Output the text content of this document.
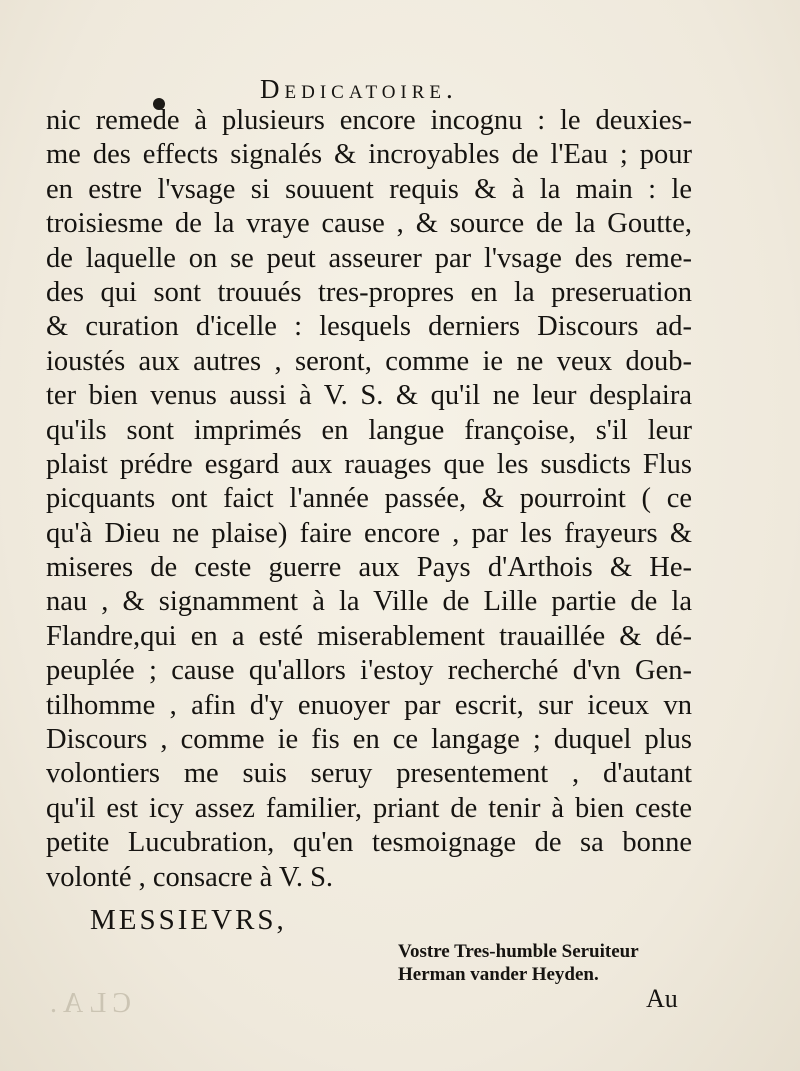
Dedicatoire.
nic remede à plusieurs encore incognu : le deuxies-
me des effects signalés & incroyables de l'Eau ; pour
en estre l'vsage si souuent requis & à la main : le
troisiesme de la vraye cause , & source de la Goutte,
de laquelle on se peut asseurer par l'vsage des reme-
des qui sont trouués tres-propres en la preseruation
& curation d'icelle : lesquels derniers Discours ad-
ioustés aux autres , seront, comme ie ne veux doub-
ter bien venus aussi à V. S. & qu'il ne leur desplaira
qu'ils sont imprimés en langue françoise, s'il leur
plaist prédre esgard aux rauages que les susdicts Flus
picquants ont faict l'année passée, & pourroint ( ce
qu'à Dieu ne plaise) faire encore , par les frayeurs &
miseres de ceste guerre aux Pays d'Arthois & He-
nau , & signamment à la Ville de Lille partie de la
Flandre,qui en a esté miserablement trauaillée & dé-
peuplée ; cause qu'allors i'estoy recherché d'vn Gen-
tilhomme , afin d'y enuoyer par escrit, sur iceux vn
Discours , comme ie fis en ce langage ; duquel plus
volontiers me suis seruy presentement , d'autant
qu'il est icy assez familier, priant de tenir à bien ceste
petite Lucubration, qu'en tesmoignage de sa bonne
volonté , consacre à V. S.
MESSIEVRS,
Vostre Tres-humble Seruiteur
Herman vander Heyden.
CLA.	Au
